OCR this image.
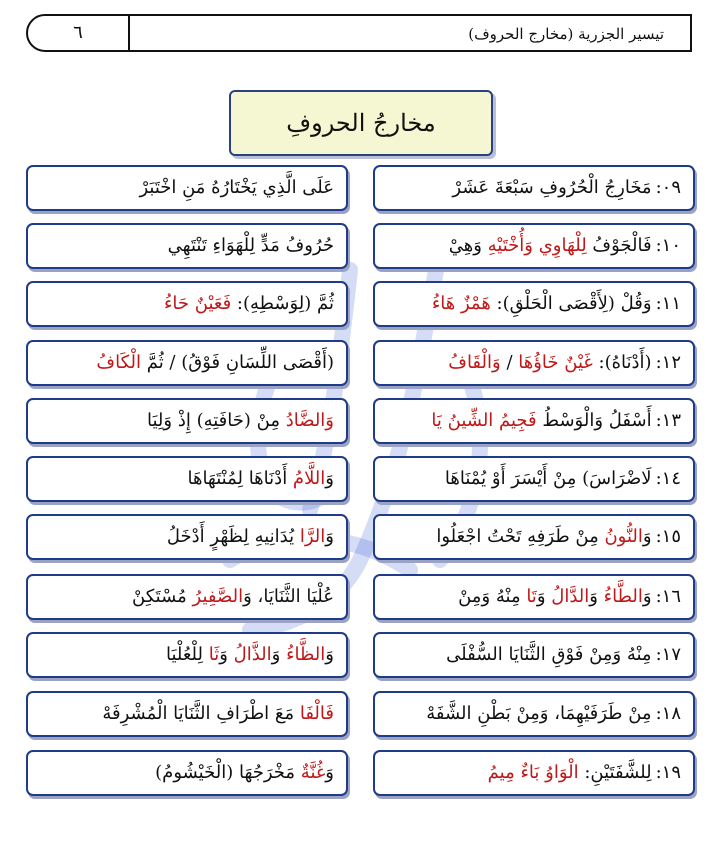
٦	تيسير الجزرية (مخارج الحروف)
مخارجُ الحروفِ
عَلَى الَّذِي يَخْتَارُهُ مَنِ اخْتَبَرْ	٠٩:مَخَارِجُ الْحُرُوفِ سَبْعَةَ عَشَرْ
حُرُوفُ مَدٍّ لِلْهَوَاءِ تَنْتَهِي	١٠:فَالْجَوْفُ لِلْهَاوِي وَأُخْتَيْهِ وَهِيْ
ثُمَّ (لِوَسْطِهِ): فَعَيْنٌ حَاءُ	١١:وَقُلْ (لِأَقْصَى الْحَلْقِ): هَمْزٌ هَاءُ
(أَقْصَى اللِّسَانِ فَوْقُ) / ثُمَّ الْكَافُ	١٢:(أَدْنَاهُ): غَيْنٌ خَاؤُهَا / وَالْقَافُ
وَالضَّادُ مِنْ (حَافَتِهِ) إِذْ وَلِيَا	١٣:أَسْفَلُ وَالْوَسْطُ فَجِيمُ الشِّينُ يَا
وَاللَّامُ أَدْنَاهَا لِمُنْتَهَاهَا	١٤:لَاضْرَاسَ) مِنْ أَيْسَرَ أَوْ يُمْنَاهَا
وَالرَّا يُدَانِيهِ لِظَهْرٍ أَدْخَلُ	١٥:وَالنُّونُ مِنْ طَرَفِهِ تَحْتُ اجْعَلُوا
عُلْيَا الثَّنَايَا، وَالصَّفِيرُ مُسْتَكِنْ	١٦:وَالطَّاءُ وَالدَّالُ وَتَا مِنْهُ وَمِنْ
وَالظَّاءُ وَالذَّالُ وَثَا لِلْعُلْيَا	١٧:مِنْهُ وَمِنْ فَوْقِ الثَّنَايَا السُّفْلَى
فَالْفَا مَعَ اطْرَافِ الثَّنَايَا الْمُشْرِفَهْ	١٨:مِنْ طَرَفَيْهِمَا، وَمِنْ بَطْنِ الشَّفَهْ
وَغُنَّةٌ مَخْرَجُهَا (الْخَيْشُومُ)	١٩:لِلشَّفَتَيْنِ: الْوَاوُ بَاءٌ مِيمُ
